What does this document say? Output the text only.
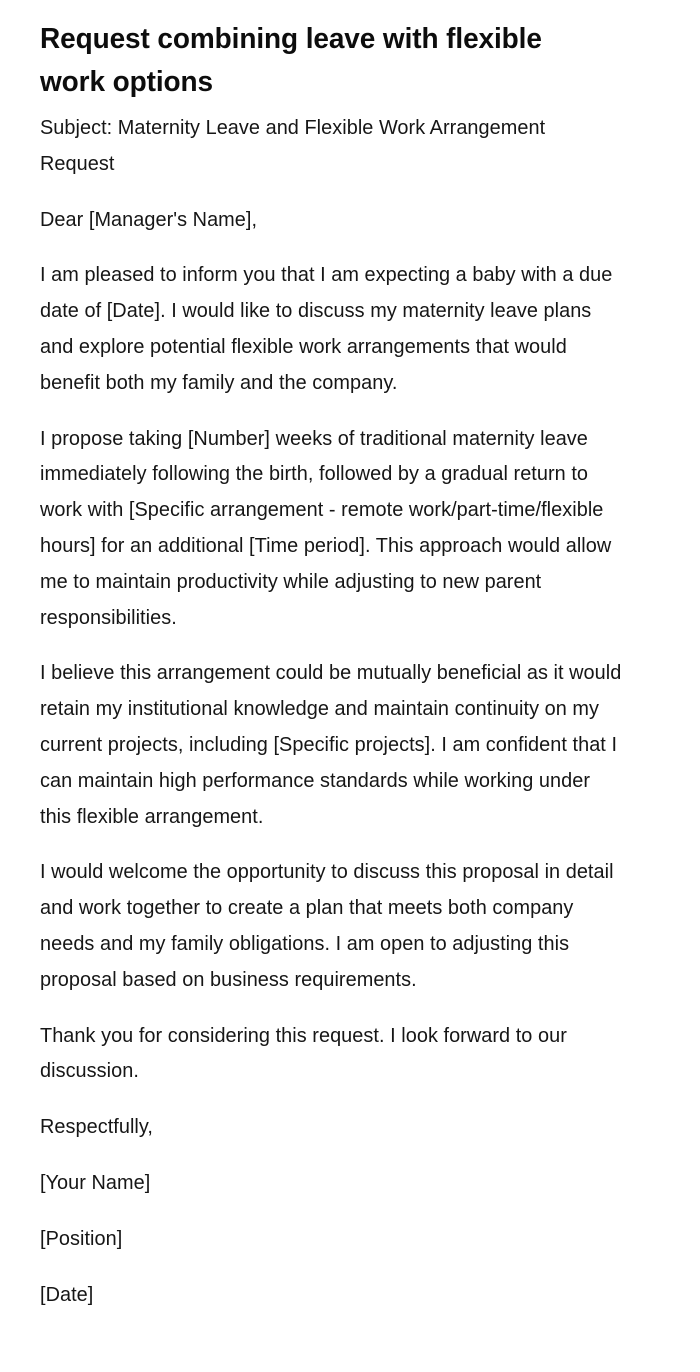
Request combining leave with flexible work options

Subject: Maternity Leave and Flexible Work Arrangement Request

Dear [Manager's Name],

I am pleased to inform you that I am expecting a baby with a due date of [Date]. I would like to discuss my maternity leave plans and explore potential flexible work arrangements that would benefit both my family and the company.

I propose taking [Number] weeks of traditional maternity leave immediately following the birth, followed by a gradual return to work with [Specific arrangement - remote work/part-time/flexible hours] for an additional [Time period]. This approach would allow me to maintain productivity while adjusting to new parent responsibilities.

I believe this arrangement could be mutually beneficial as it would retain my institutional knowledge and maintain continuity on my current projects, including [Specific projects]. I am confident that I can maintain high performance standards while working under this flexible arrangement.

I would welcome the opportunity to discuss this proposal in detail and work together to create a plan that meets both company needs and my family obligations. I am open to adjusting this proposal based on business requirements.

Thank you for considering this request. I look forward to our discussion.

Respectfully,

[Your Name]

[Position]

[Date]
